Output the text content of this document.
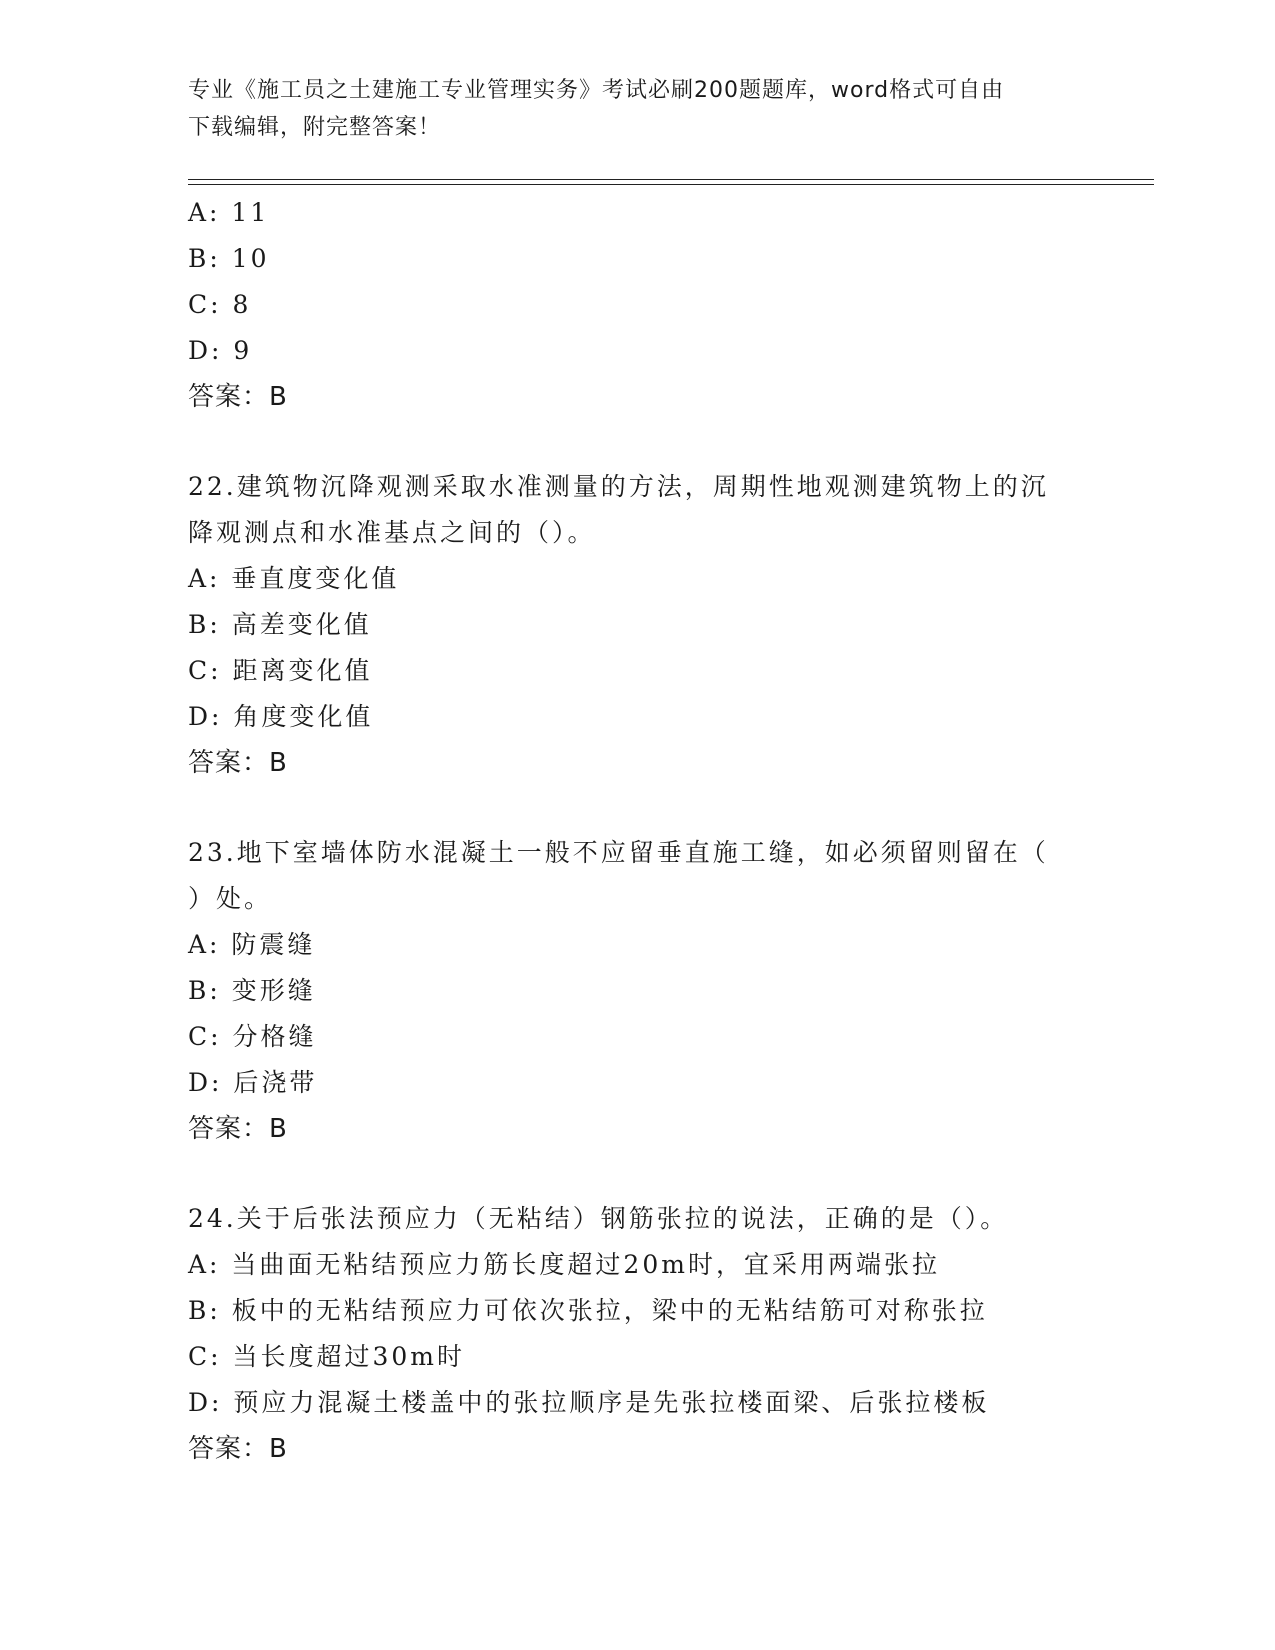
专业《施工员之土建施工专业管理实务》考试必刷200题题库，word格式可自由
下载编辑，附完整答案！
A: 11
B: 10
C: 8
D: 9
答案：B
22.建筑物沉降观测采取水准测量的方法，周期性地观测建筑物上的沉
降观测点和水准基点之间的（）。
A: 垂直度变化值
B: 高差变化值
C: 距离变化值
D: 角度变化值
答案：B
23.地下室墙体防水混凝土一般不应留垂直施工缝，如必须留则留在（
）处。
A: 防震缝
B: 变形缝
C: 分格缝
D: 后浇带
答案：B
24.关于后张法预应力（无粘结）钢筋张拉的说法，正确的是（）。
A: 当曲面无粘结预应力筋长度超过20m时，宜采用两端张拉
B: 板中的无粘结预应力可依次张拉，梁中的无粘结筋可对称张拉
C: 当长度超过30m时
D: 预应力混凝土楼盖中的张拉顺序是先张拉楼面梁、后张拉楼板
答案：B
